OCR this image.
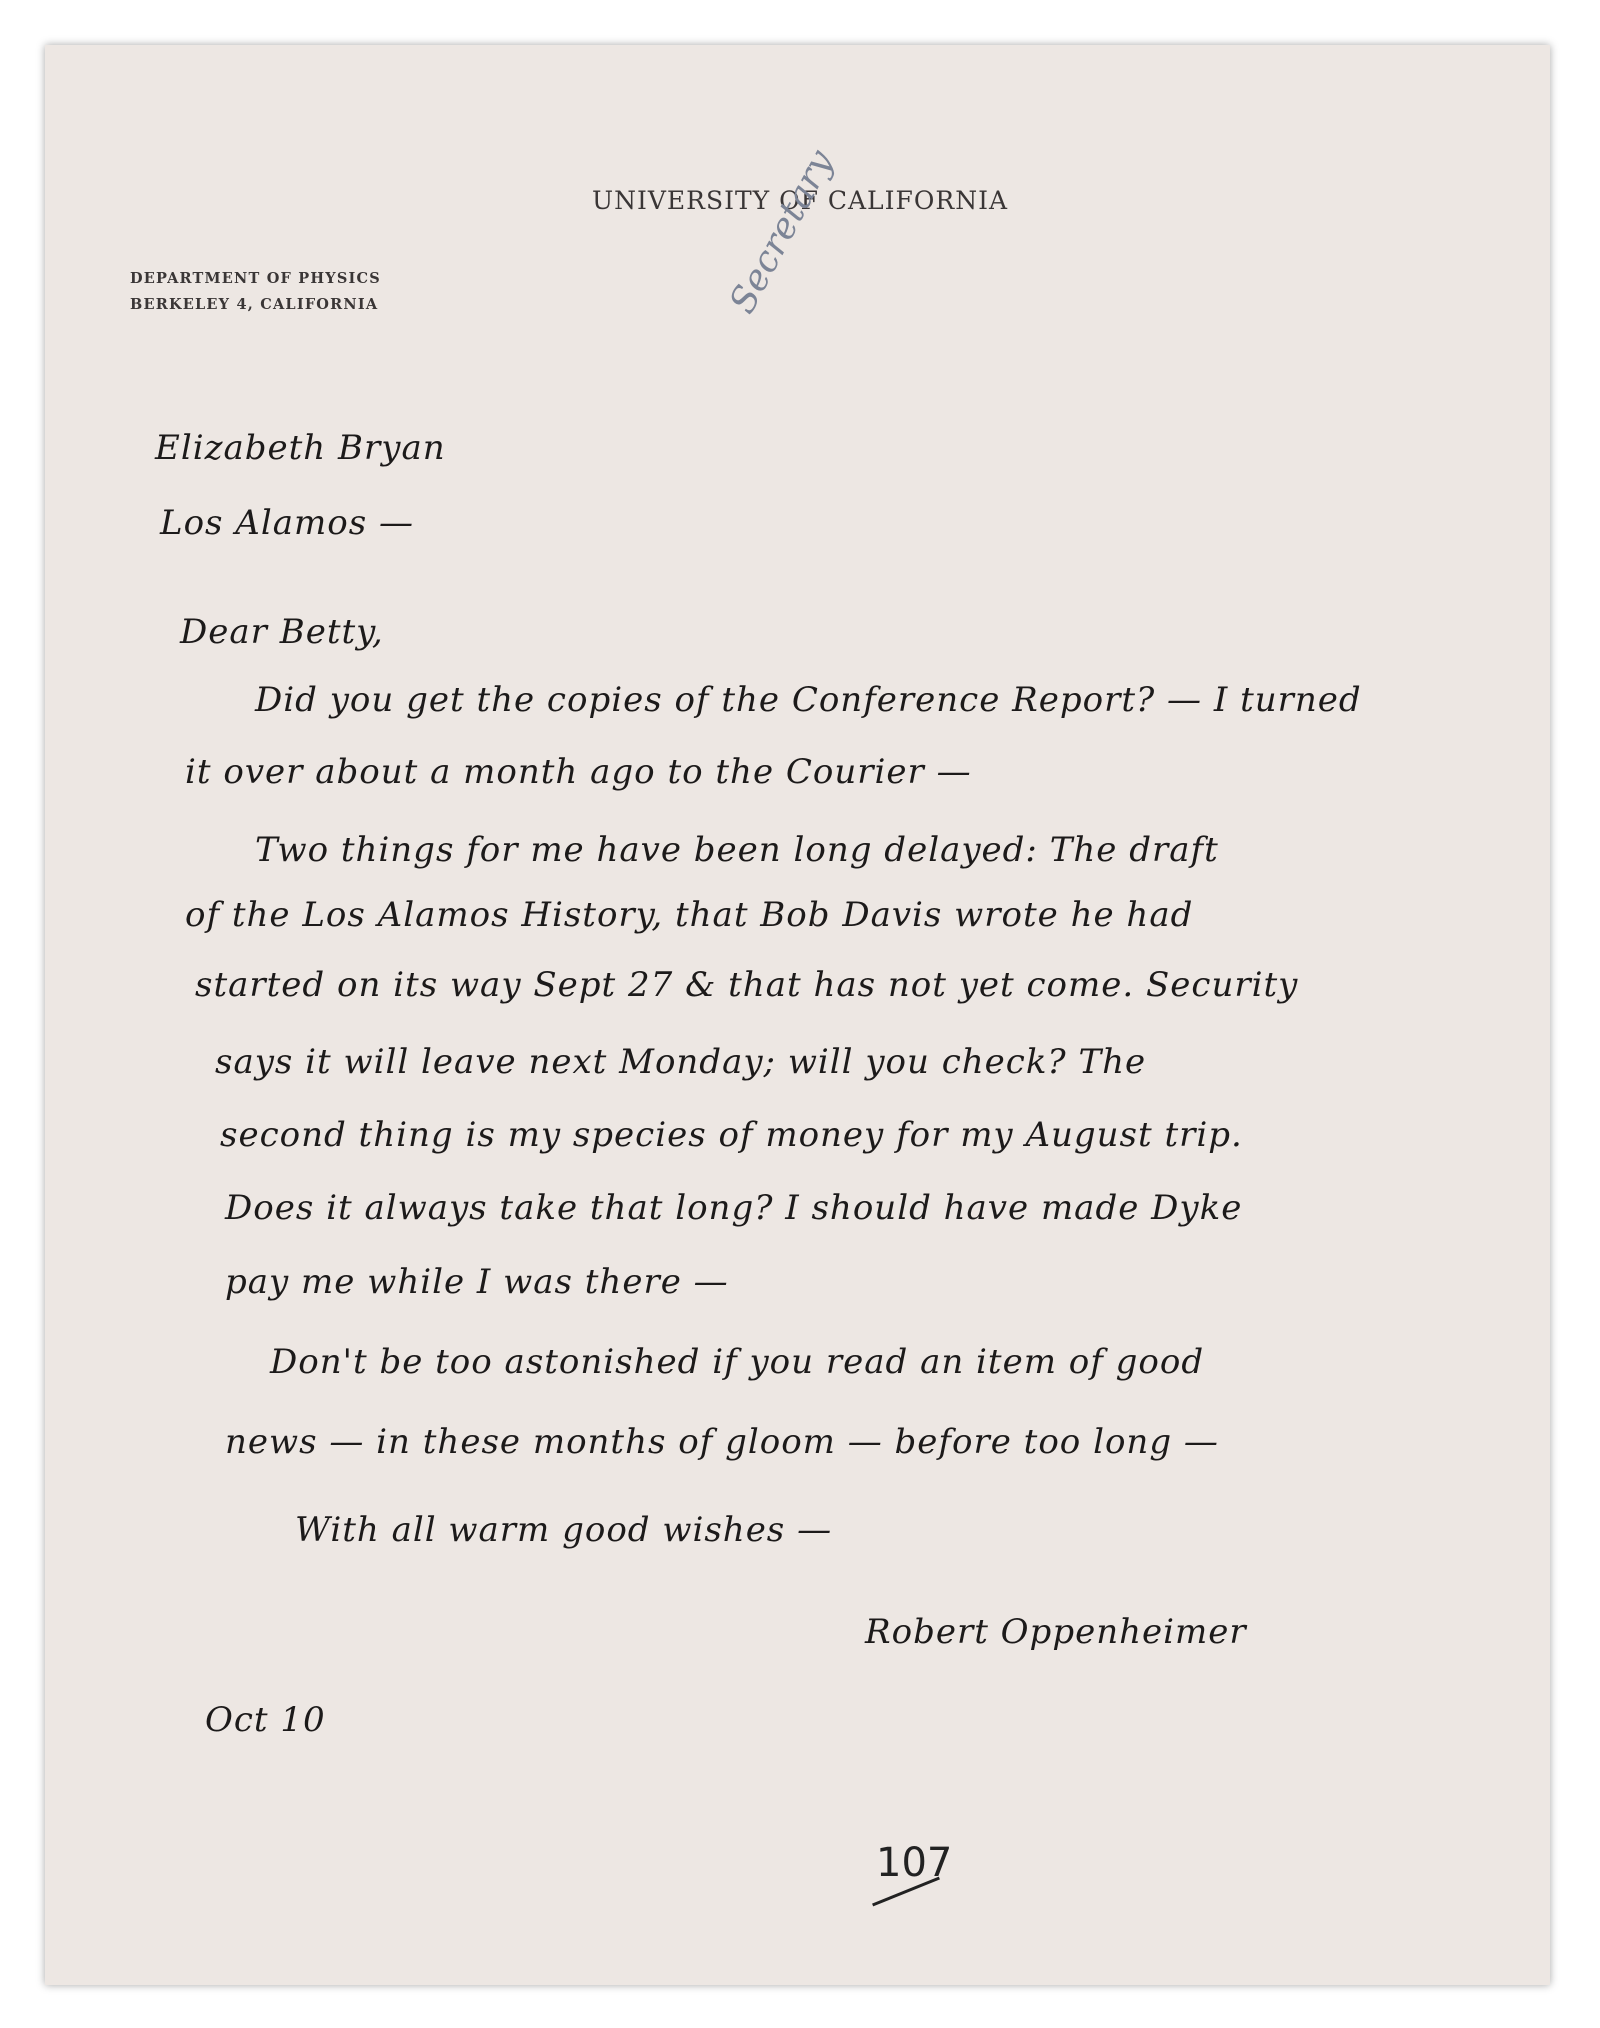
UNIVERSITY OF CALIFORNIA
DEPARTMENT OF PHYSICS
BERKELEY 4, CALIFORNIA	Secretary
Elizabeth Bryan
Los Alamos —
Dear Betty,
Did you get the copies of the Conference Report? — I turned
it over about a month ago to the Courier —
Two things for me have been long delayed: The draft
of the Los Alamos History, that Bob Davis wrote he had
started on its way Sept 27 & that has not yet come. Security
says it will leave next Monday; will you check? The
second thing is my species of money for my August trip.
Does it always take that long? I should have made Dyke
pay me while I was there —
Don't be too astonished if you read an item of good
news — in these months of gloom — before too long —
With all warm good wishes —
Robert Oppenheimer
Oct 10
107
